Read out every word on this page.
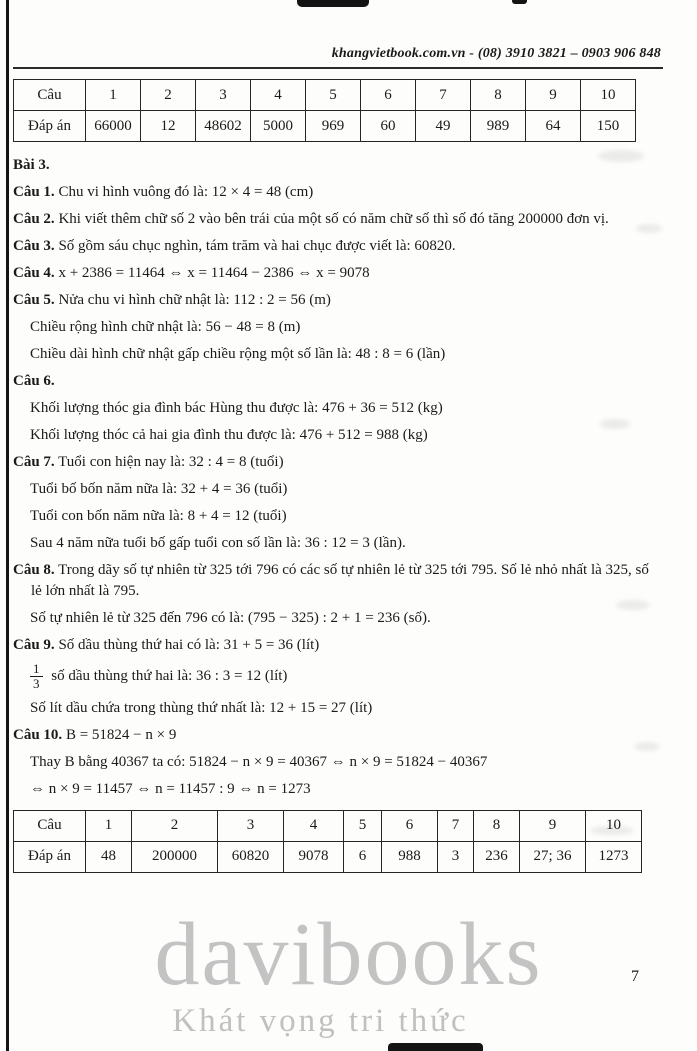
khangvietbook.com.vn - (08) 3910 3821 – 0903 906 848
Câu	1	2	3	4	5	6	7	8	9	10
Đáp án	66000	12	48602	5000	969	60	49	989	64	150

Bài 3.

Câu 1. Chu vi hình vuông đó là: 12 × 4 = 48 (cm)

Câu 2. Khi viết thêm chữ số 2 vào bên trái của một số có năm chữ số thì số đó tăng 200000 đơn vị.

Câu 3. Số gồm sáu chục nghìn, tám trăm và hai chục được viết là: 60820.

Câu 4. x + 2386 = 11464 ⇔ x = 11464 − 2386 ⇔ x = 9078

Câu 5. Nửa chu vi hình chữ nhật là: 112 : 2 = 56 (m)

Chiều rộng hình chữ nhật là: 56 − 48 = 8 (m)

Chiều dài hình chữ nhật gấp chiều rộng một số lần là: 48 : 8 = 6 (lần)

Câu 6.

Khối lượng thóc gia đình bác Hùng thu được là: 476 + 36 = 512 (kg)

Khối lượng thóc cả hai gia đình thu được là: 476 + 512 = 988 (kg)

Câu 7. Tuổi con hiện nay là: 32 : 4 = 8 (tuổi)

Tuổi bố bốn năm nữa là: 32 + 4 = 36 (tuổi)

Tuổi con bốn năm nữa là: 8 + 4 = 12 (tuổi)

Sau 4 năm nữa tuổi bố gấp tuổi con số lần là: 36 : 12 = 3 (lần).

Câu 8. Trong dãy số tự nhiên từ 325 tới 796 có các số tự nhiên lẻ từ 325 tới 795. Số lẻ nhỏ nhất là 325, số lẻ lớn nhất là 795.

Số tự nhiên lẻ từ 325 đến 796 có là: (795 − 325) : 2 + 1 = 236 (số).

Câu 9. Số dầu thùng thứ hai có là: 31 + 5 = 36 (lít)

$\frac{1}{3}$ số dầu thùng thứ hai là: 36 : 3 = 12 (lít)

Số lít dầu chứa trong thùng thứ nhất là: 12 + 15 = 27 (lít)

Câu 10. B = 51824 − n × 9

Thay B bằng 40367 ta có: 51824 − n × 9 = 40367 ⇔ n × 9 = 51824 − 40367

⇔ n × 9 = 11457 ⇔ n = 11457 : 9 ⇔ n = 1273

Câu	1	2	3	4	5	6	7	8	9	10
Đáp án	48	200000	60820	9078	6	988	3	236	27; 36	1273
davibooks
Khát vọng tri thức
7
